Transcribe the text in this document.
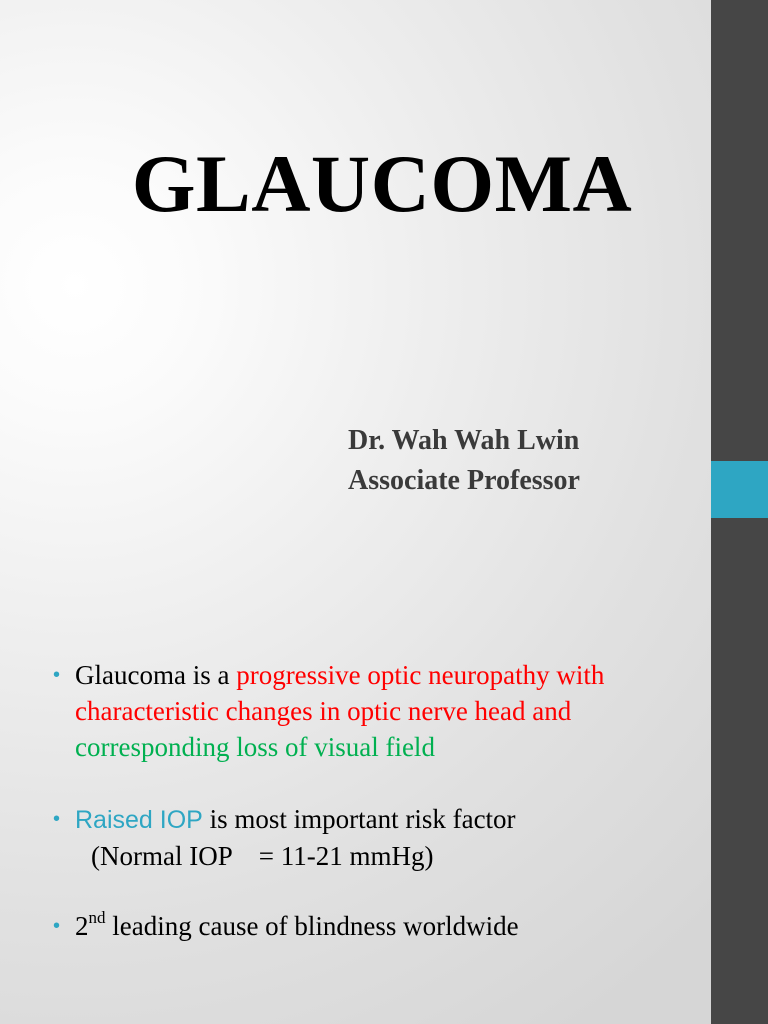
GLAUCOMA
Dr. Wah Wah Lwin
Associate Professor
• Glaucoma is a progressive optic neuropathy with characteristic changes in optic nerve head and
corresponding loss of visual field
• Raised IOP is most important risk factor
(Normal IOP    = 11-21 mmHg)
• 2nd leading cause of blindness worldwide
